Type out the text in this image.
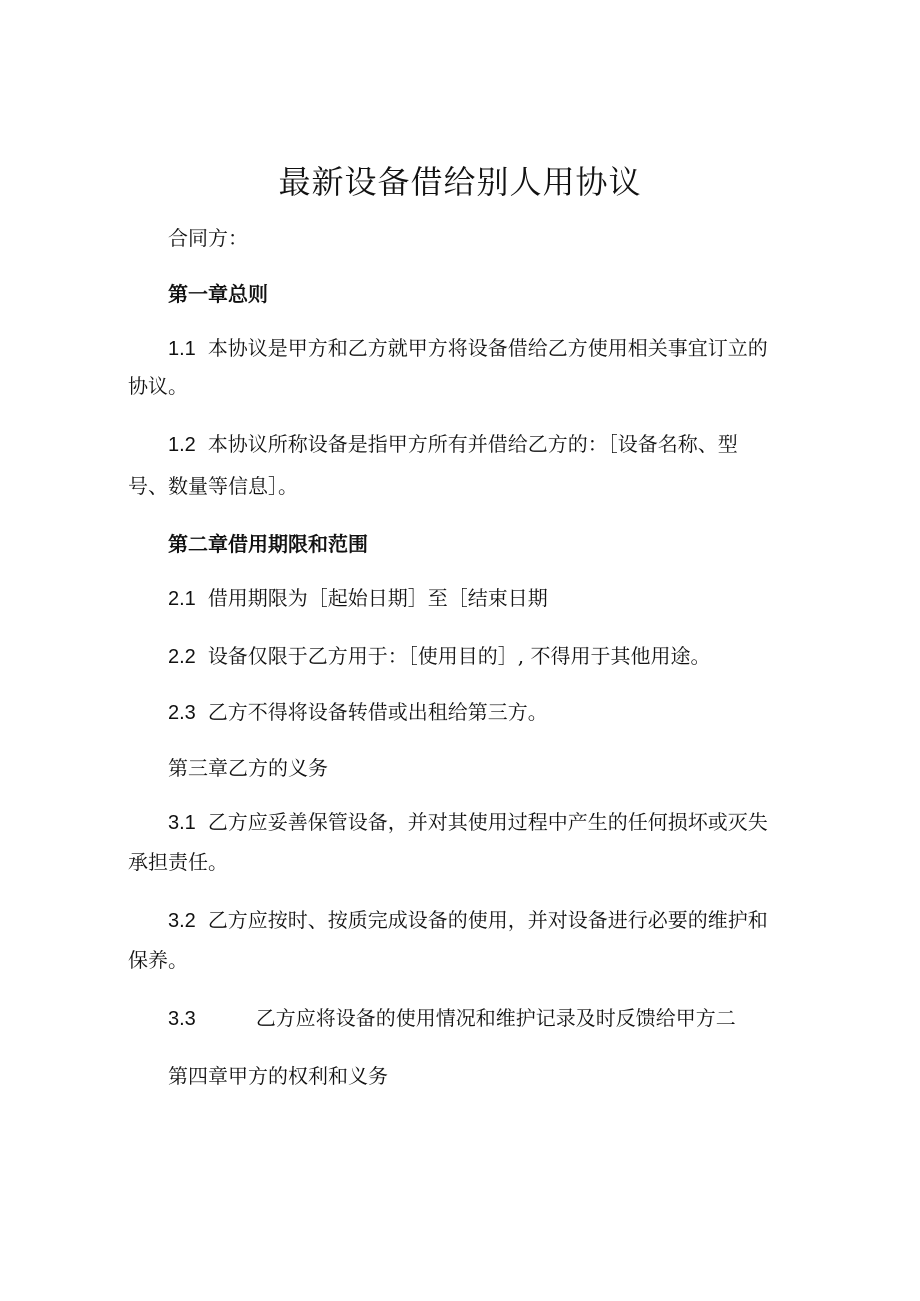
最新设备借给别人用协议
合同方：
第一章总则
1.1 本协议是甲方和乙方就甲方将设备借给乙方使用相关事宜订立的
协议。
1.2 本协议所称设备是指甲方所有并借给乙方的：［设备名称、型
号、数量等信息］。
第二章借用期限和范围
2.1 借用期限为［起始日期］至［结束日期
2.2 设备仅限于乙方用于：［使用目的］, 不得用于其他用途。
2.3 乙方不得将设备转借或出租给第三方。
第三章乙方的义务
3.1 乙方应妥善保管设备，并对其使用过程中产生的任何损坏或灭失
承担责任。
3.2 乙方应按时、按质完成设备的使用，并对设备进行必要的维护和
保养。
3.3	乙方应将设备的使用情况和维护记录及时反馈给甲方二
第四章甲方的权利和义务
